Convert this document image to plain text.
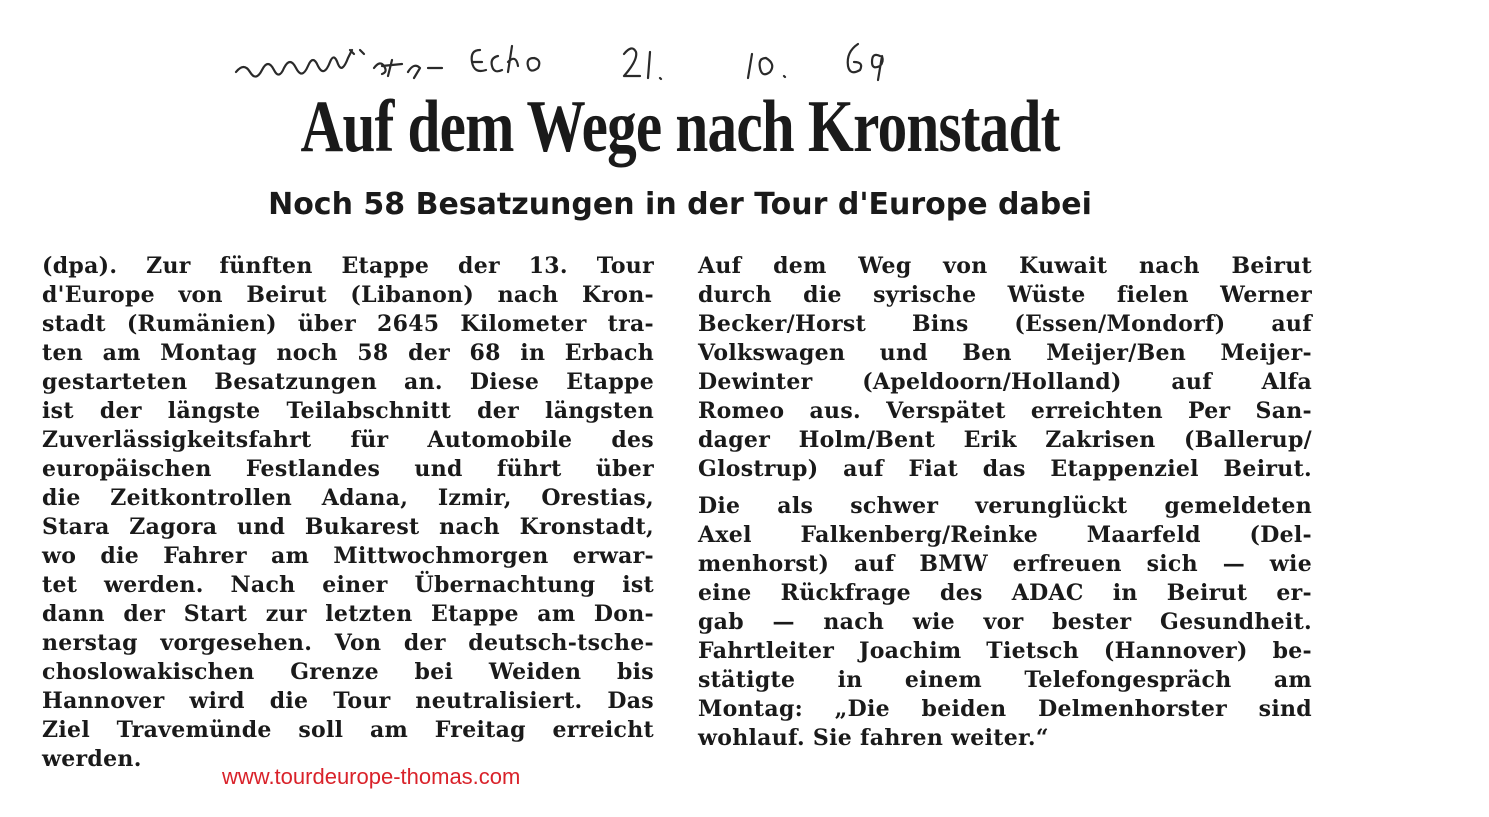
Auf dem Wege nach Kronstadt
Noch 58 Besatzungen in der Tour d'Europe dabei
(dpa). Zur fünften Etappe der 13. Tour
d'Europe von Beirut (Libanon) nach Kron-
stadt (Rumänien) über 2645 Kilometer tra-
ten am Montag noch 58 der 68 in Erbach
gestarteten Besatzungen an. Diese Etappe
ist der längste Teilabschnitt der längsten
Zuverlässigkeitsfahrt für Automobile des
europäischen Festlandes und führt über
die Zeitkontrollen Adana, Izmir, Orestias,
Stara Zagora und Bukarest nach Kronstadt,
wo die Fahrer am Mittwochmorgen erwar-
tet werden. Nach einer Übernachtung ist
dann der Start zur letzten Etappe am Don-
nerstag vorgesehen. Von der deutsch-tsche-
choslowakischen Grenze bei Weiden bis
Hannover wird die Tour neutralisiert. Das
Ziel Travemünde soll am Freitag erreicht
werden.
Auf dem Weg von Kuwait nach Beirut
durch die syrische Wüste fielen Werner
Becker/Horst Bins (Essen/Mondorf) auf
Volkswagen und Ben Meijer/Ben Meijer-
Dewinter (Apeldoorn/Holland) auf Alfa
Romeo aus. Verspätet erreichten Per San-
dager Holm/Bent Erik Zakrisen (Ballerup/
Glostrup) auf Fiat das Etappenziel Beirut.
Die als schwer verunglückt gemeldeten
Axel Falkenberg/Reinke Maarfeld (Del-
menhorst) auf BMW erfreuen sich — wie
eine Rückfrage des ADAC in Beirut er-
gab — nach wie vor bester Gesundheit.
Fahrtleiter Joachim Tietsch (Hannover) be-
stätigte in einem Telefongespräch am
Montag: „Die beiden Delmenhorster sind
wohlauf. Sie fahren weiter.“
www.tourdeurope-thomas.com
